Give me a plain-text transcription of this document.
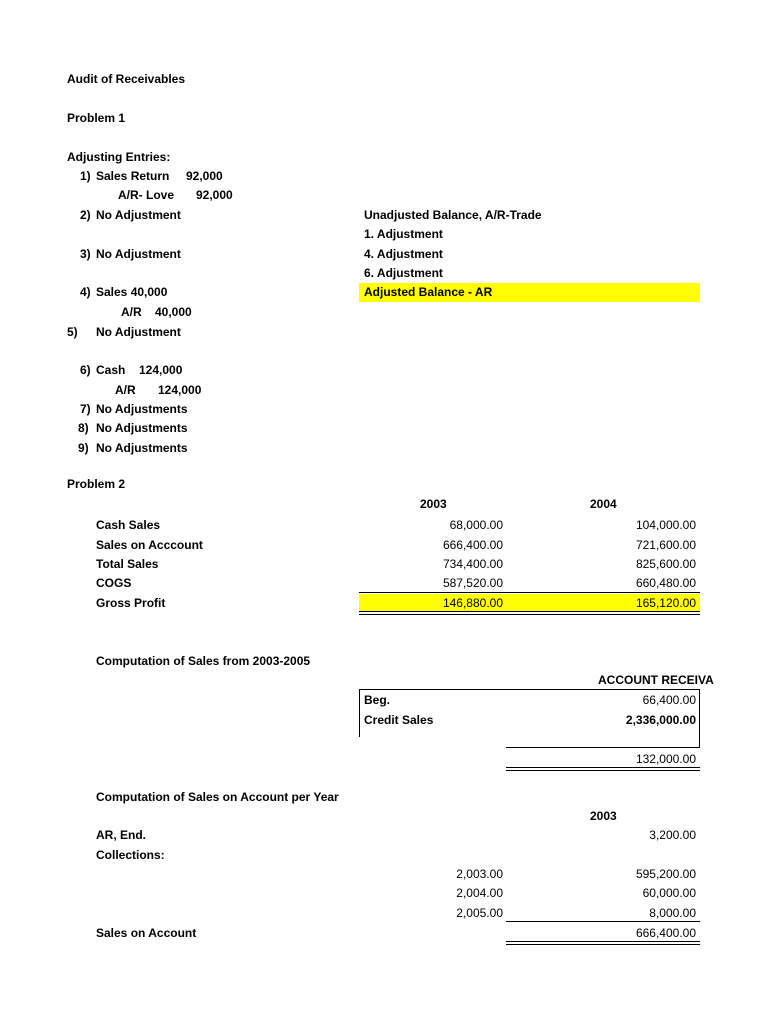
Audit of Receivables
Problem 1
Adjusting Entries:
1) Sales Return 92,000
A/R- Love 92,000
2) No Adjustment
3) No Adjustment
4) Sales 40,000
A/R 40,000
5) No Adjustment
6) Cash 124,000
A/R 124,000
7) No Adjustments
8) No Adjustments
9) No Adjustments
Unadjusted Balance, A/R-Trade
1. Adjustment
4. Adjustment
6. Adjustment
Adjusted Balance - AR
Problem 2
2003	2004
Cash Sales	68,000.00	104,000.00
Sales on Acccount	666,400.00	721,600.00
Total Sales	734,400.00	825,600.00
COGS	587,520.00	660,480.00
Gross Profit	146,880.00	165,120.00
Computation of Sales from 2003-2005
ACCOUNT RECEIVA
Beg.	66,400.00
Credit Sales	2,336,000.00
132,000.00
Computation of Sales on Account per Year
2003
AR, End.	3,200.00
Collections:
2,003.00	595,200.00
2,004.00	60,000.00
2,005.00	8,000.00
Sales on Account	666,400.00
